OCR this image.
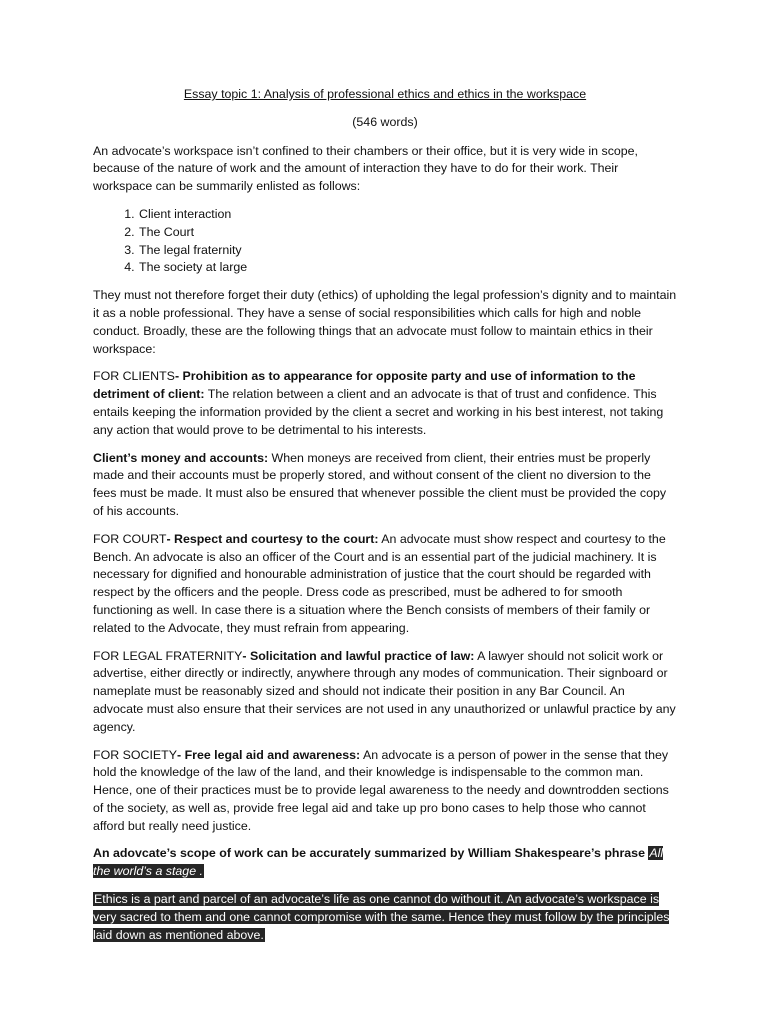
Essay topic 1: Analysis of professional ethics and ethics in the workspace

(546 words)

An advocate’s workspace isn’t confined to their chambers or their office, but it is very wide in scope, because of the nature of work and the amount of interaction they have to do for their work. Their workspace can be summarily enlisted as follows:

1. Client interaction
2. The Court
3. The legal fraternity
4. The society at large

They must not therefore forget their duty (ethics) of upholding the legal profession’s dignity and to maintain it as a noble professional. They have a sense of social responsibilities which calls for high and noble conduct. Broadly, these are the following things that an advocate must follow to maintain ethics in their workspace:

FOR CLIENTS- Prohibition as to appearance for opposite party and use of information to the detriment of client: The relation between a client and an advocate is that of trust and confidence. This entails keeping the information provided by the client a secret and working in his best interest, not taking any action that would prove to be detrimental to his interests.

Client’s money and accounts: When moneys are received from client, their entries must be properly made and their accounts must be properly stored, and without consent of the client no diversion to the fees must be made. It must also be ensured that whenever possible the client must be provided the copy of his accounts.

FOR COURT- Respect and courtesy to the court: An advocate must show respect and courtesy to the Bench. An advocate is also an officer of the Court and is an essential part of the judicial machinery. It is necessary for dignified and honourable administration of justice that the court should be regarded with respect by the officers and the people. Dress code as prescribed, must be adhered to for smooth functioning as well. In case there is a situation where the Bench consists of members of their family or related to the Advocate, they must refrain from appearing.

FOR LEGAL FRATERNITY- Solicitation and lawful practice of law: A lawyer should not solicit work or advertise, either directly or indirectly, anywhere through any modes of communication. Their signboard or nameplate must be reasonably sized and should not indicate their position in any Bar Council. An advocate must also ensure that their services are not used in any unauthorized or unlawful practice by any agency.

FOR SOCIETY- Free legal aid and awareness: An advocate is a person of power in the sense that they hold the knowledge of the law of the land, and their knowledge is indispensable to the common man. Hence, one of their practices must be to provide legal awareness to the needy and downtrodden sections of the society, as well as, provide free legal aid and take up pro bono cases to help those who cannot afford but really need justice.

An adovcate’s scope of work can be accurately summarized by William Shakespeare’s phrase All the world’s a stage .

Ethics is a part and parcel of an advocate’s life as one cannot do without it. An advocate’s workspace is very sacred to them and one cannot compromise with the same. Hence they must follow by the principles laid down as mentioned above.
